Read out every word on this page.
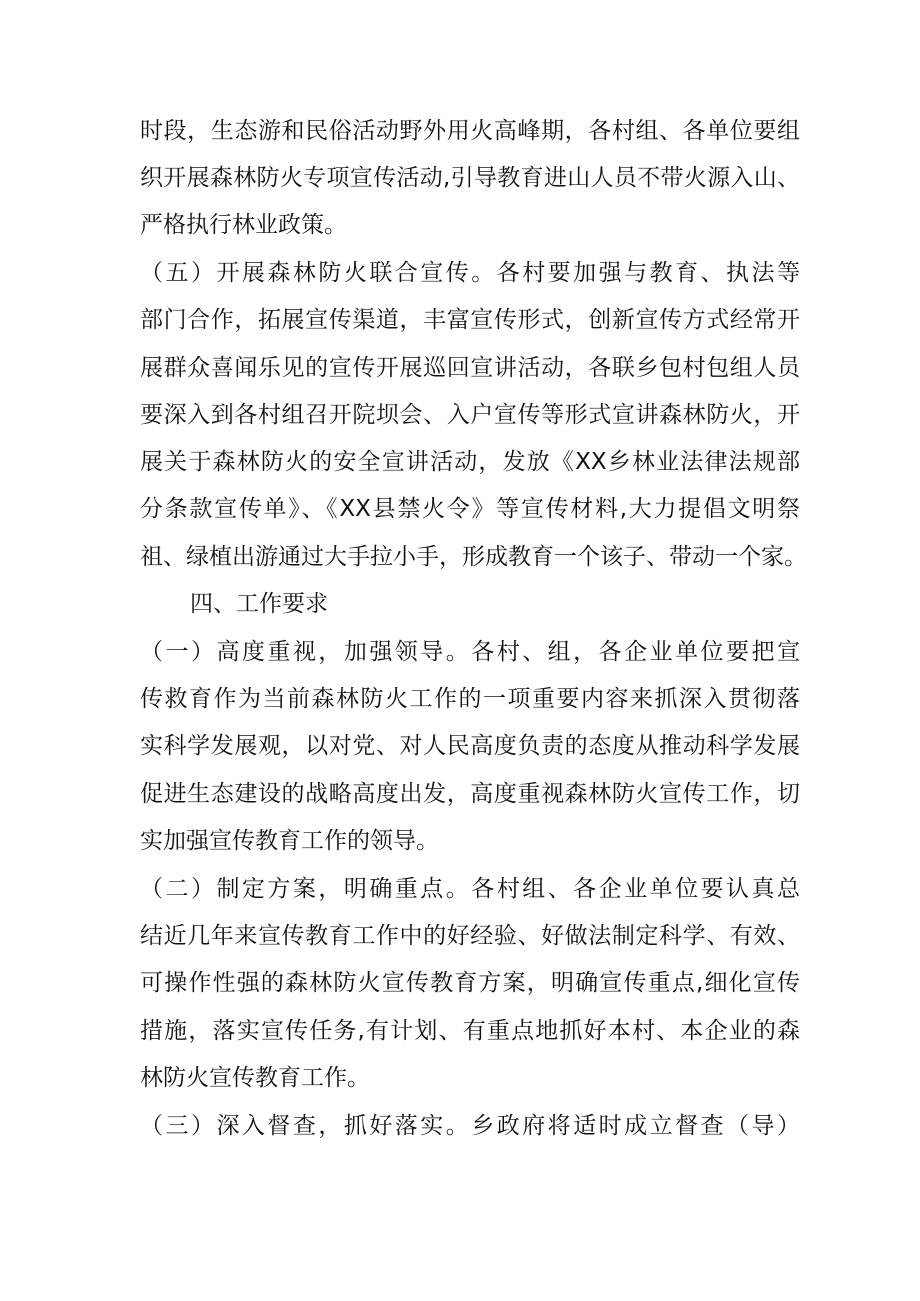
时段，生态游和民俗活动野外用火高峰期，各村组、各单位要组
织开展森林防火专项宣传活动,引导教育进山人员不带火源入山、
严格执行林业政策。
（五）开展森林防火联合宣传。各村要加强与教育、执法等
部门合作，拓展宣传渠道，丰富宣传形式，创新宣传方式经常开
展群众喜闻乐见的宣传开展巡回宣讲活动，各联乡包村包组人员
要深入到各村组召开院坝会、入户宣传等形式宣讲森林防火，开
展关于森林防火的安全宣讲活动，发放《XX乡林业法律法规部
分条款宣传单》、《XX县禁火令》等宣传材料,大力提倡文明祭
祖、绿植出游通过大手拉小手，形成教育一个该子、带动一个家。
四、工作要求
（一）高度重视，加强领导。各村、组，各企业单位要把宣
传救育作为当前森林防火工作的一项重要内容来抓深入贯彻落
实科学发展观，以对党、对人民高度负责的态度从推动科学发展
促进生态建设的战略高度出发，高度重视森林防火宣传工作，切
实加强宣传教育工作的领导。
（二）制定方案，明确重点。各村组、各企业单位要认真总
结近几年来宣传教育工作中的好经验、好做法制定科学、有效、
可操作性强的森林防火宣传教育方案，明确宣传重点,细化宣传
措施，落实宣传任务,有计划、有重点地抓好本村、本企业的森
林防火宣传教育工作。
（三）深入督查，抓好落实。乡政府将适时成立督查（导）
